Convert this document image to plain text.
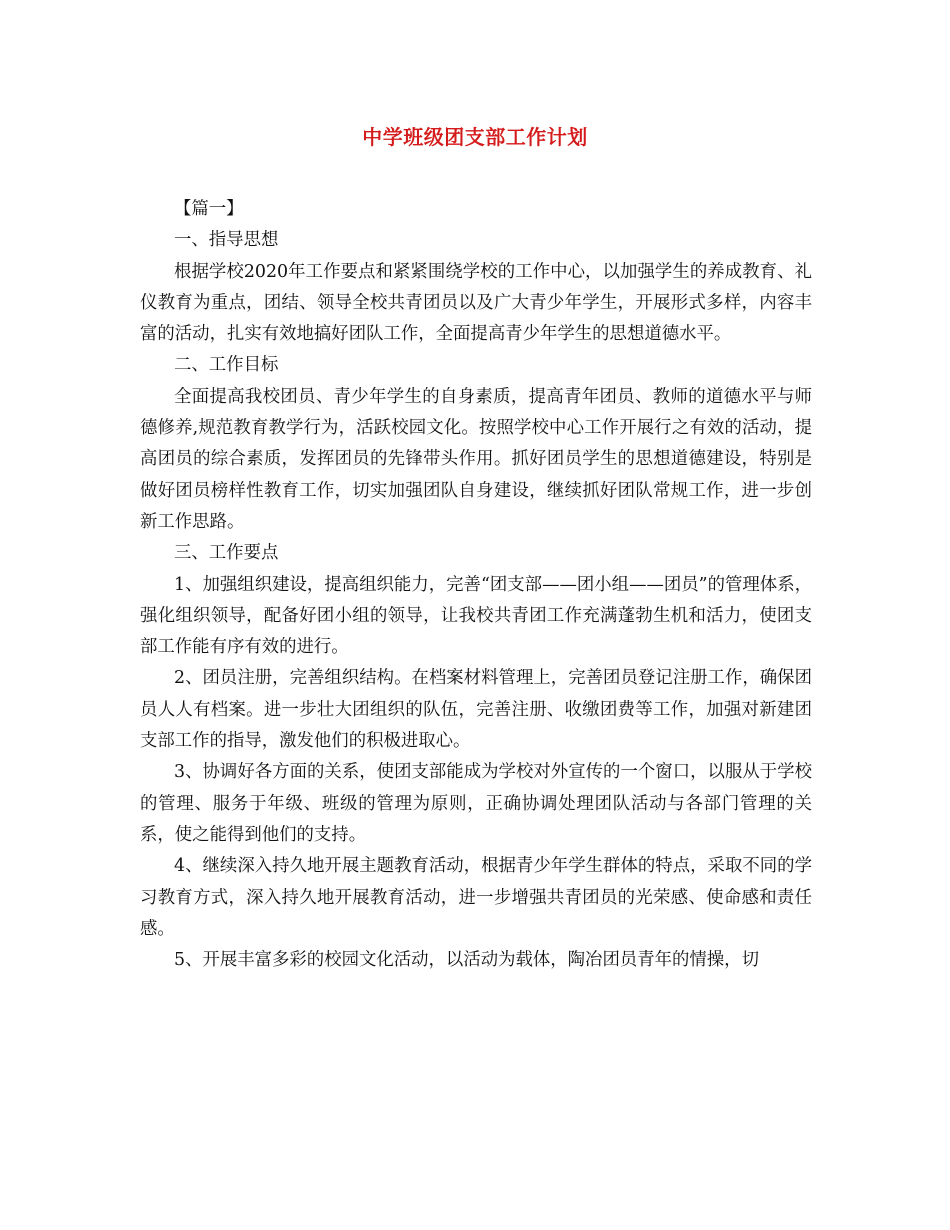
中学班级团支部工作计划

【篇一】

一、指导思想

根据学校2020年工作要点和紧紧围绕学校的工作中心，以加强学生的养成教育、礼仪教育为重点，团结、领导全校共青团员以及广大青少年学生，开展形式多样，内容丰富的活动，扎实有效地搞好团队工作，全面提高青少年学生的思想道德水平。

二、工作目标

全面提高我校团员、青少年学生的自身素质，提高青年团员、教师的道德水平与师德修养,规范教育教学行为，活跃校园文化。按照学校中心工作开展行之有效的活动，提高团员的综合素质，发挥团员的先锋带头作用。抓好团员学生的思想道德建设，特别是做好团员榜样性教育工作，切实加强团队自身建设，继续抓好团队常规工作，进一步创新工作思路。

三、工作要点

1、加强组织建设，提高组织能力，完善“团支部——团小组——团员”的管理体系，强化组织领导，配备好团小组的领导，让我校共青团工作充满蓬勃生机和活力，使团支部工作能有序有效的进行。

2、团员注册，完善组织结构。在档案材料管理上，完善团员登记注册工作，确保团员人人有档案。进一步壮大团组织的队伍，完善注册、收缴团费等工作，加强对新建团支部工作的指导，激发他们的积极进取心。

3、协调好各方面的关系，使团支部能成为学校对外宣传的一个窗口，以服从于学校的管理、服务于年级、班级的管理为原则，正确协调处理团队活动与各部门管理的关系，使之能得到他们的支持。

4、继续深入持久地开展主题教育活动，根据青少年学生群体的特点，采取不同的学习教育方式，深入持久地开展教育活动，进一步增强共青团员的光荣感、使命感和责任感。

5、开展丰富多彩的校园文化活动，以活动为载体，陶冶团员青年的情操，切
